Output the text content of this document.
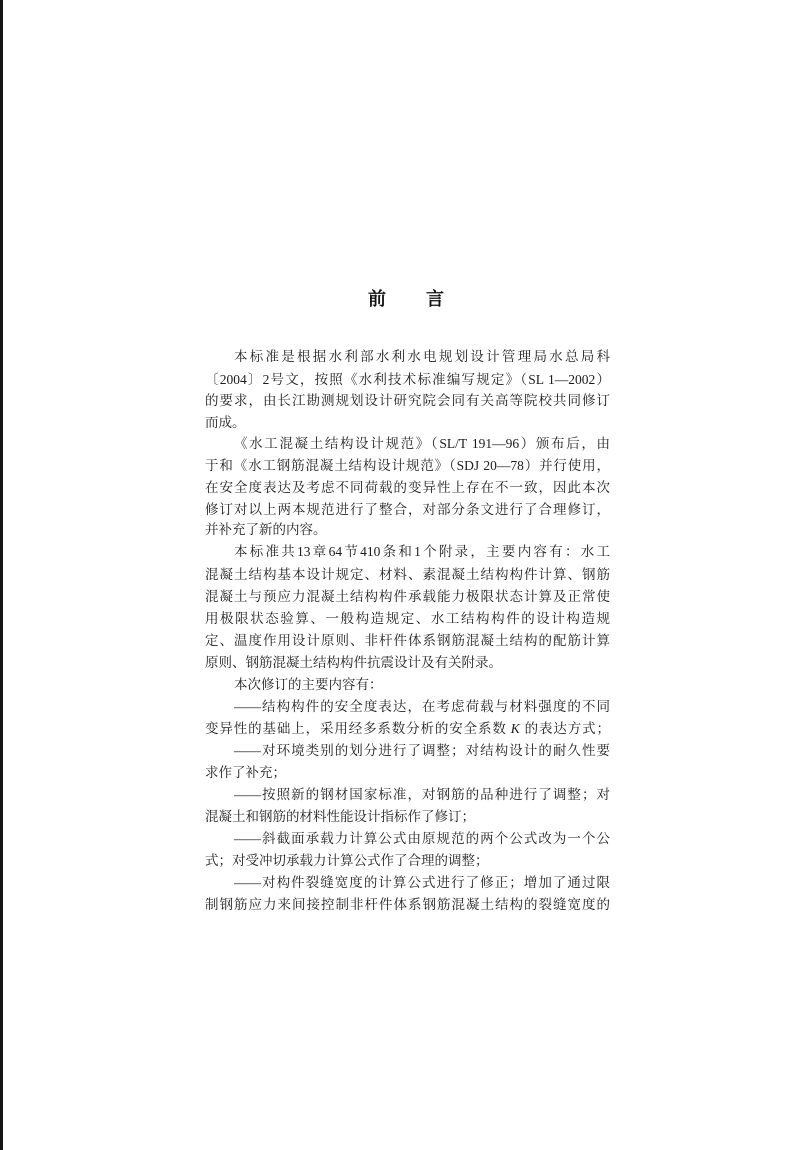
前　言
本标准是根据水利部水利水电规划设计管理局水总局科
〔2004〕2号文，按照《水利技术标准编写规定》（SL 1—2002）
的要求，由长江勘测规划设计研究院会同有关高等院校共同修订
而成。
《水工混凝土结构设计规范》（SL/T 191—96）颁布后，由
于和《水工钢筋混凝土结构设计规范》（SDJ 20—78）并行使用，
在安全度表达及考虑不同荷载的变异性上存在不一致，因此本次
修订对以上两本规范进行了整合，对部分条文进行了合理修订，
并补充了新的内容。
本标准共13章64节410条和1个附录，主要内容有：水工
混凝土结构基本设计规定、材料、素混凝土结构构件计算、钢筋
混凝土与预应力混凝土结构构件承载能力极限状态计算及正常使
用极限状态验算、一般构造规定、水工结构构件的设计构造规
定、温度作用设计原则、非杆件体系钢筋混凝土结构的配筋计算
原则、钢筋混凝土结构构件抗震设计及有关附录。
本次修订的主要内容有：
——结构构件的安全度表达，在考虑荷载与材料强度的不同
变异性的基础上，采用经多系数分析的安全系数 K 的表达方式；
——对环境类别的划分进行了调整；对结构设计的耐久性要
求作了补充；
——按照新的钢材国家标准，对钢筋的品种进行了调整；对
混凝土和钢筋的材料性能设计指标作了修订；
——斜截面承载力计算公式由原规范的两个公式改为一个公
式；对受冲切承载力计算公式作了合理的调整；
——对构件裂缝宽度的计算公式进行了修正；增加了通过限
制钢筋应力来间接控制非杆件体系钢筋混凝土结构的裂缝宽度的
